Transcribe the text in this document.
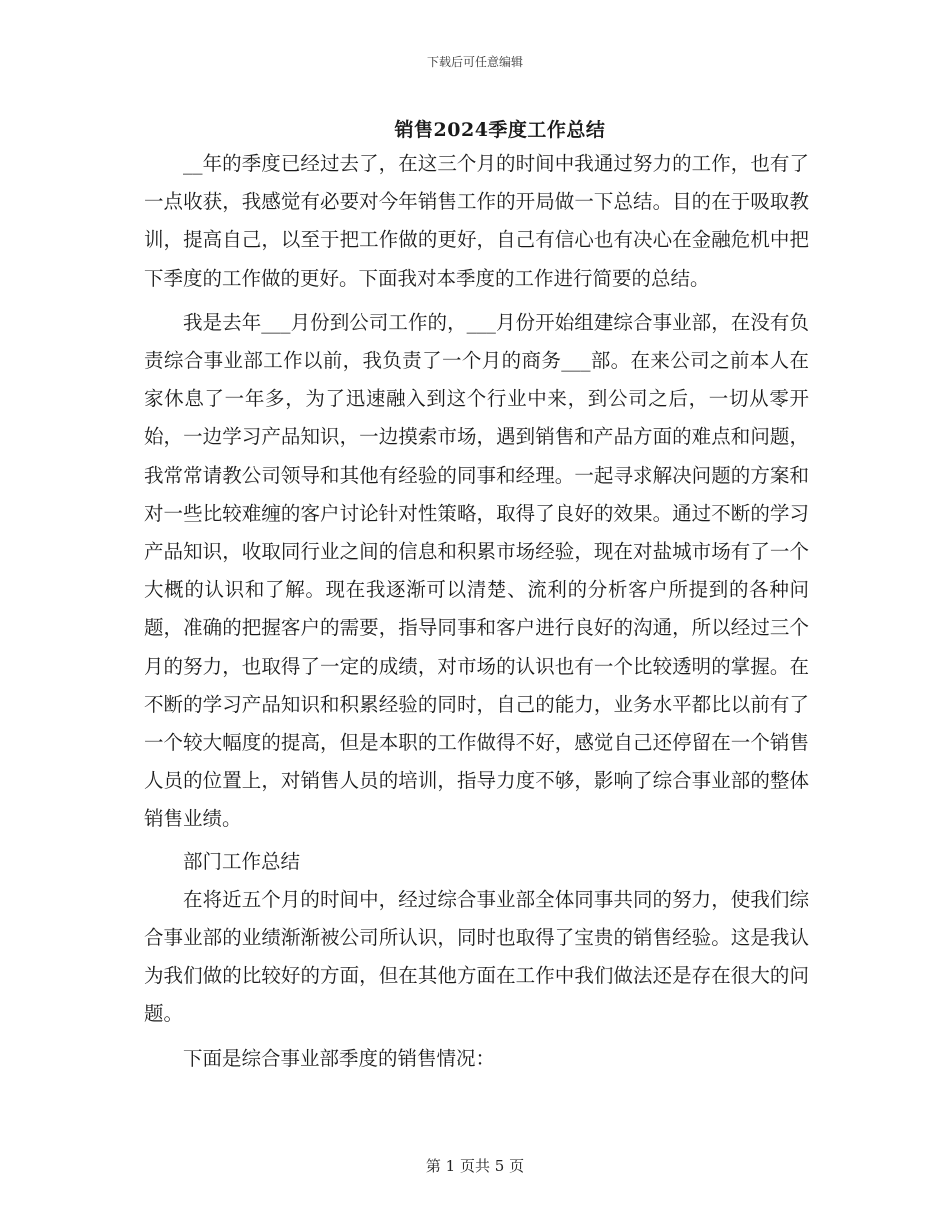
下载后可任意编辑
销售2024季度工作总结

__年的季度已经过去了，在这三个月的时间中我通过努力的工作，也有了一点收获，我感觉有必要对今年销售工作的开局做一下总结。目的在于吸取教训，提高自己，以至于把工作做的更好，自己有信心也有决心在金融危机中把下季度的工作做的更好。下面我对本季度的工作进行简要的总结。

我是去年___月份到公司工作的，___月份开始组建综合事业部，在没有负责综合事业部工作以前，我负责了一个月的商务___部。在来公司之前本人在家休息了一年多，为了迅速融入到这个行业中来，到公司之后，一切从零开始，一边学习产品知识，一边摸索市场，遇到销售和产品方面的难点和问题，我常常请教公司领导和其他有经验的同事和经理。一起寻求解决问题的方案和对一些比较难缠的客户讨论针对性策略，取得了良好的效果。通过不断的学习产品知识，收取同行业之间的信息和积累市场经验，现在对盐城市场有了一个大概的认识和了解。现在我逐渐可以清楚、流利的分析客户所提到的各种问题，准确的把握客户的需要，指导同事和客户进行良好的沟通，所以经过三个月的努力，也取得了一定的成绩，对市场的认识也有一个比较透明的掌握。在不断的学习产品知识和积累经验的同时，自己的能力，业务水平都比以前有了一个较大幅度的提高，但是本职的工作做得不好，感觉自己还停留在一个销售人员的位置上，对销售人员的培训，指导力度不够，影响了综合事业部的整体销售业绩。

部门工作总结

在将近五个月的时间中，经过综合事业部全体同事共同的努力，使我们综合事业部的业绩渐渐被公司所认识，同时也取得了宝贵的销售经验。这是我认为我们做的比较好的方面，但在其他方面在工作中我们做法还是存在很大的问题。

下面是综合事业部季度的销售情况：

第 1 页共 5 页
